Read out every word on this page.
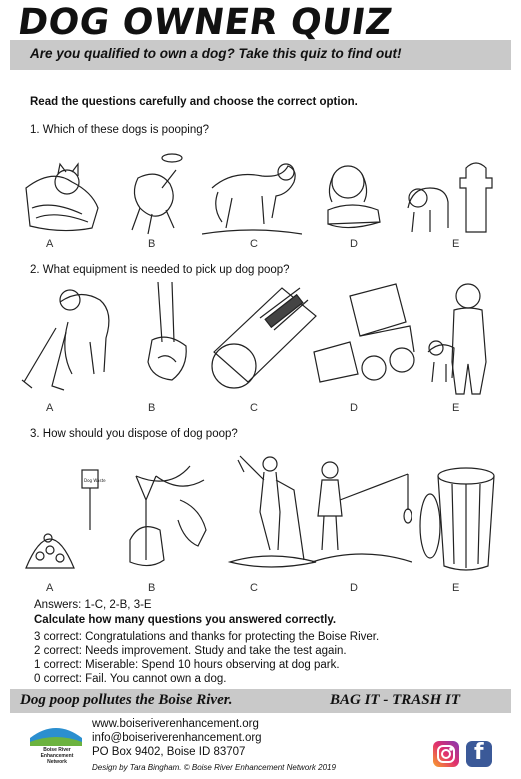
DOG OWNER QUIZ
Are you qualified to own a dog? Take this quiz to find out!
Read the questions carefully and choose the correct option.
1. Which of these dogs is pooping?
A	B	C	D	E
2. What equipment is needed to pick up dog poop?
A	B	C	D	E
3. How should you dispose of dog poop?
Dog Waste
A	B	C	D	E
Answers: 1-C, 2-B, 3-E
Calculate how many questions you answered correctly.
3 correct: Congratulations and thanks for protecting the Boise River.
2 correct: Needs improvement. Study and take the test again.
1 correct: Miserable: Spend 10 hours observing at dog park.
0 correct: Fail. You cannot own a dog.
Dog poop pollutes the Boise River.	BAG IT - TRASH IT
Boise River Enhancement Network
www.boiseriverenhancement.org
info@boiseriverenhancement.org
PO Box 9402, Boise ID 83707
Design by Tara Bingham. © Boise River Enhancement Network 2019
f
